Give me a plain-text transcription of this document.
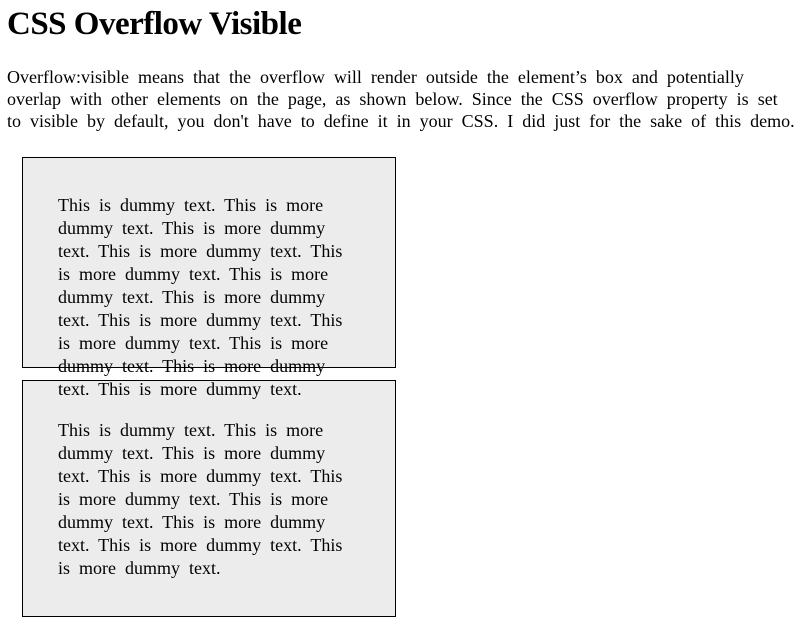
CSS Overflow Visible
Overflow:visible means that the overflow will render outside the element’s box and potentially
overlap with other elements on the page, as shown below. Since the CSS overflow property is set
to visible by default, you don't have to define it in your CSS. I did just for the sake of this demo.
This is dummy text. This is more
dummy text. This is more dummy
text. This is more dummy text. This
is more dummy text. This is more
dummy text. This is more dummy
text. This is more dummy text. This
is more dummy text. This is more
dummy text. This is more dummy
text. This is more dummy text.
This is dummy text. This is more
dummy text. This is more dummy
text. This is more dummy text. This
is more dummy text. This is more
dummy text. This is more dummy
text. This is more dummy text. This
is more dummy text.
